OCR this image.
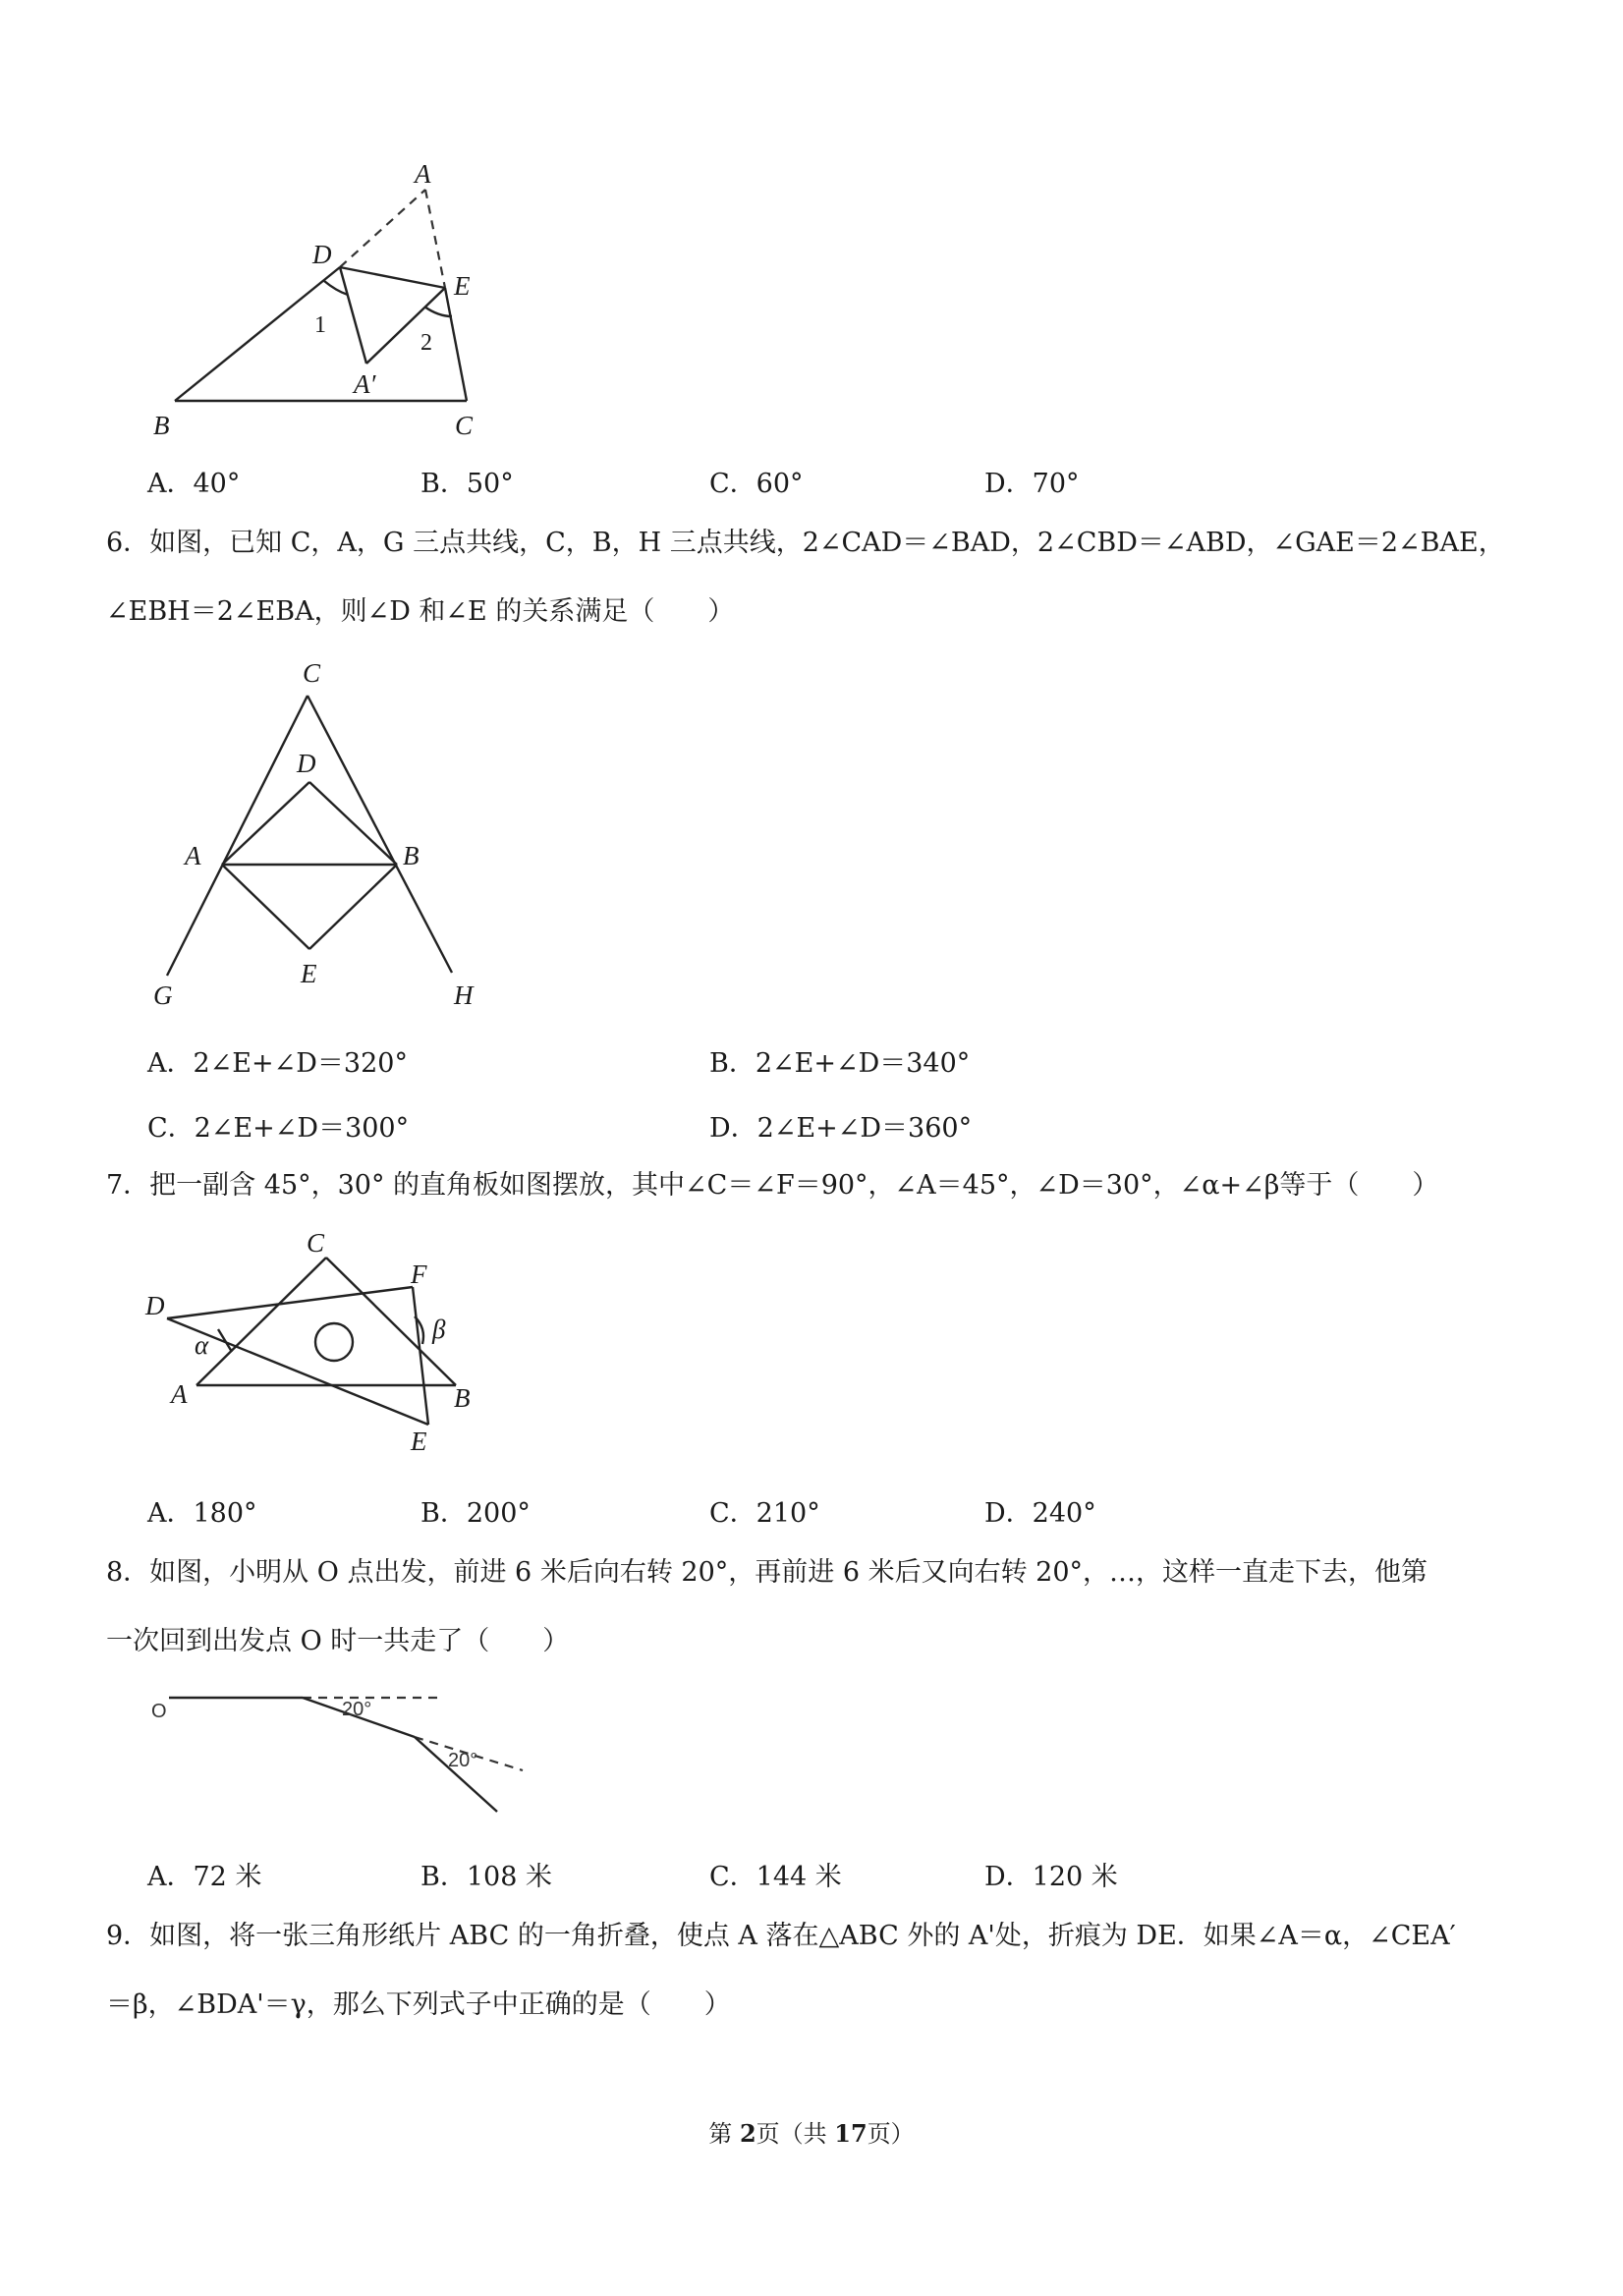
A
D
E
B	C
A′
1
2
A．40°	B．50°	C．60°	D．70°
6．如图，已知 C，A，G 三点共线，C，B，H 三点共线，2∠CAD＝∠BAD，2∠CBD＝∠ABD，∠GAE＝2∠BAE，
∠EBH＝2∠EBA，则∠D 和∠E 的关系满足（　　）
C
D
A	B
E
G	H
A．2∠E+∠D＝320°	B．2∠E+∠D＝340°
C．2∠E+∠D＝300°	D．2∠E+∠D＝360°
7．把一副含 45°，30° 的直角板如图摆放，其中∠C＝∠F＝90°，∠A＝45°，∠D＝30°，∠α+∠β等于（　　）
C
F
D
α
β
A	B
E
A．180°	B．200°	C．210°	D．240°
8．如图，小明从 O 点出发，前进 6 米后向右转 20°，再前进 6 米后又向右转 20°，…，这样一直走下去，他第
一次回到出发点 O 时一共走了（　　）
O	20°
20°
A．72 米	B．108 米	C．144 米	D．120 米
9．如图，将一张三角形纸片 ABC 的一角折叠，使点 A 落在△ABC 外的 A'处，折痕为 DE．如果∠A＝α，∠CEA′
＝β，∠BDA'＝γ，那么下列式子中正确的是（　　）
第 2页（共 17页）
